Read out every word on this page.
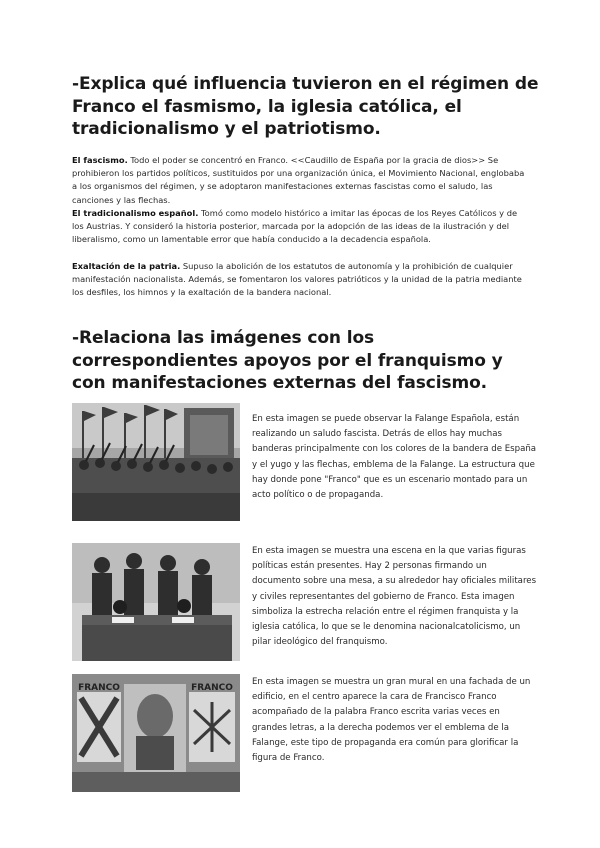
-Explica qué influencia tuvieron en el régimen de Franco el fasmismo, la iglesia católica, el tradicionalismo y el patriotismo.

El fascismo. Todo el poder se concentró en Franco. <<Caudillo de España por la gracia de dios>> Se prohibieron los partidos políticos, sustituidos por una organización única, el Movimiento Nacional, englobaba a los organismos del régimen, y se adoptaron manifestaciones externas fascistas como el saludo, las canciones y las flechas.

El tradicionalismo español. Tomó como modelo histórico a imitar las épocas de los Reyes Católicos y de los Austrias. Y consideró la historia posterior, marcada por la adopción de las ideas de la ilustración y del liberalismo, como un lamentable error que había conducido a la decadencia española.

Exaltación de la patria. Supuso la abolición de los estatutos de autonomía y la prohibición de cualquier manifestación nacionalista. Además, se fomentaron los valores patrióticos y la unidad de la patria mediante los desfiles, los himnos y la exaltación de la bandera nacional.

-Relaciona las imágenes con los correspondientes apoyos por el franquismo y con manifestaciones externas del fascismo.

En esta imagen se puede observar la Falange Española, están realizando un saludo fascista. Detrás de ellos hay muchas banderas principalmente con los colores de la bandera de España y el yugo y las flechas, emblema de la Falange. La estructura que hay donde pone "Franco" que es un escenario montado para un acto político o de propaganda.

En esta imagen se muestra una escena en la que varias figuras políticas están presentes. Hay 2 personas firmando un documento sobre una mesa, a su alrededor hay oficiales militares y civiles representantes del gobierno de Franco. Esta imagen simboliza la estrecha relación entre el régimen franquista y la iglesia católica, lo que se le denomina nacionalcatolicismo, un pilar ideológico del franquismo.

FRANCO	FRANCO

En esta imagen se muestra un gran mural en una fachada de un edificio, en el centro aparece la cara de Francisco Franco acompañado de la palabra Franco escrita varias veces en grandes letras, a la derecha podemos ver el emblema de la Falange, este tipo de propaganda era común para glorificar la figura de Franco.
